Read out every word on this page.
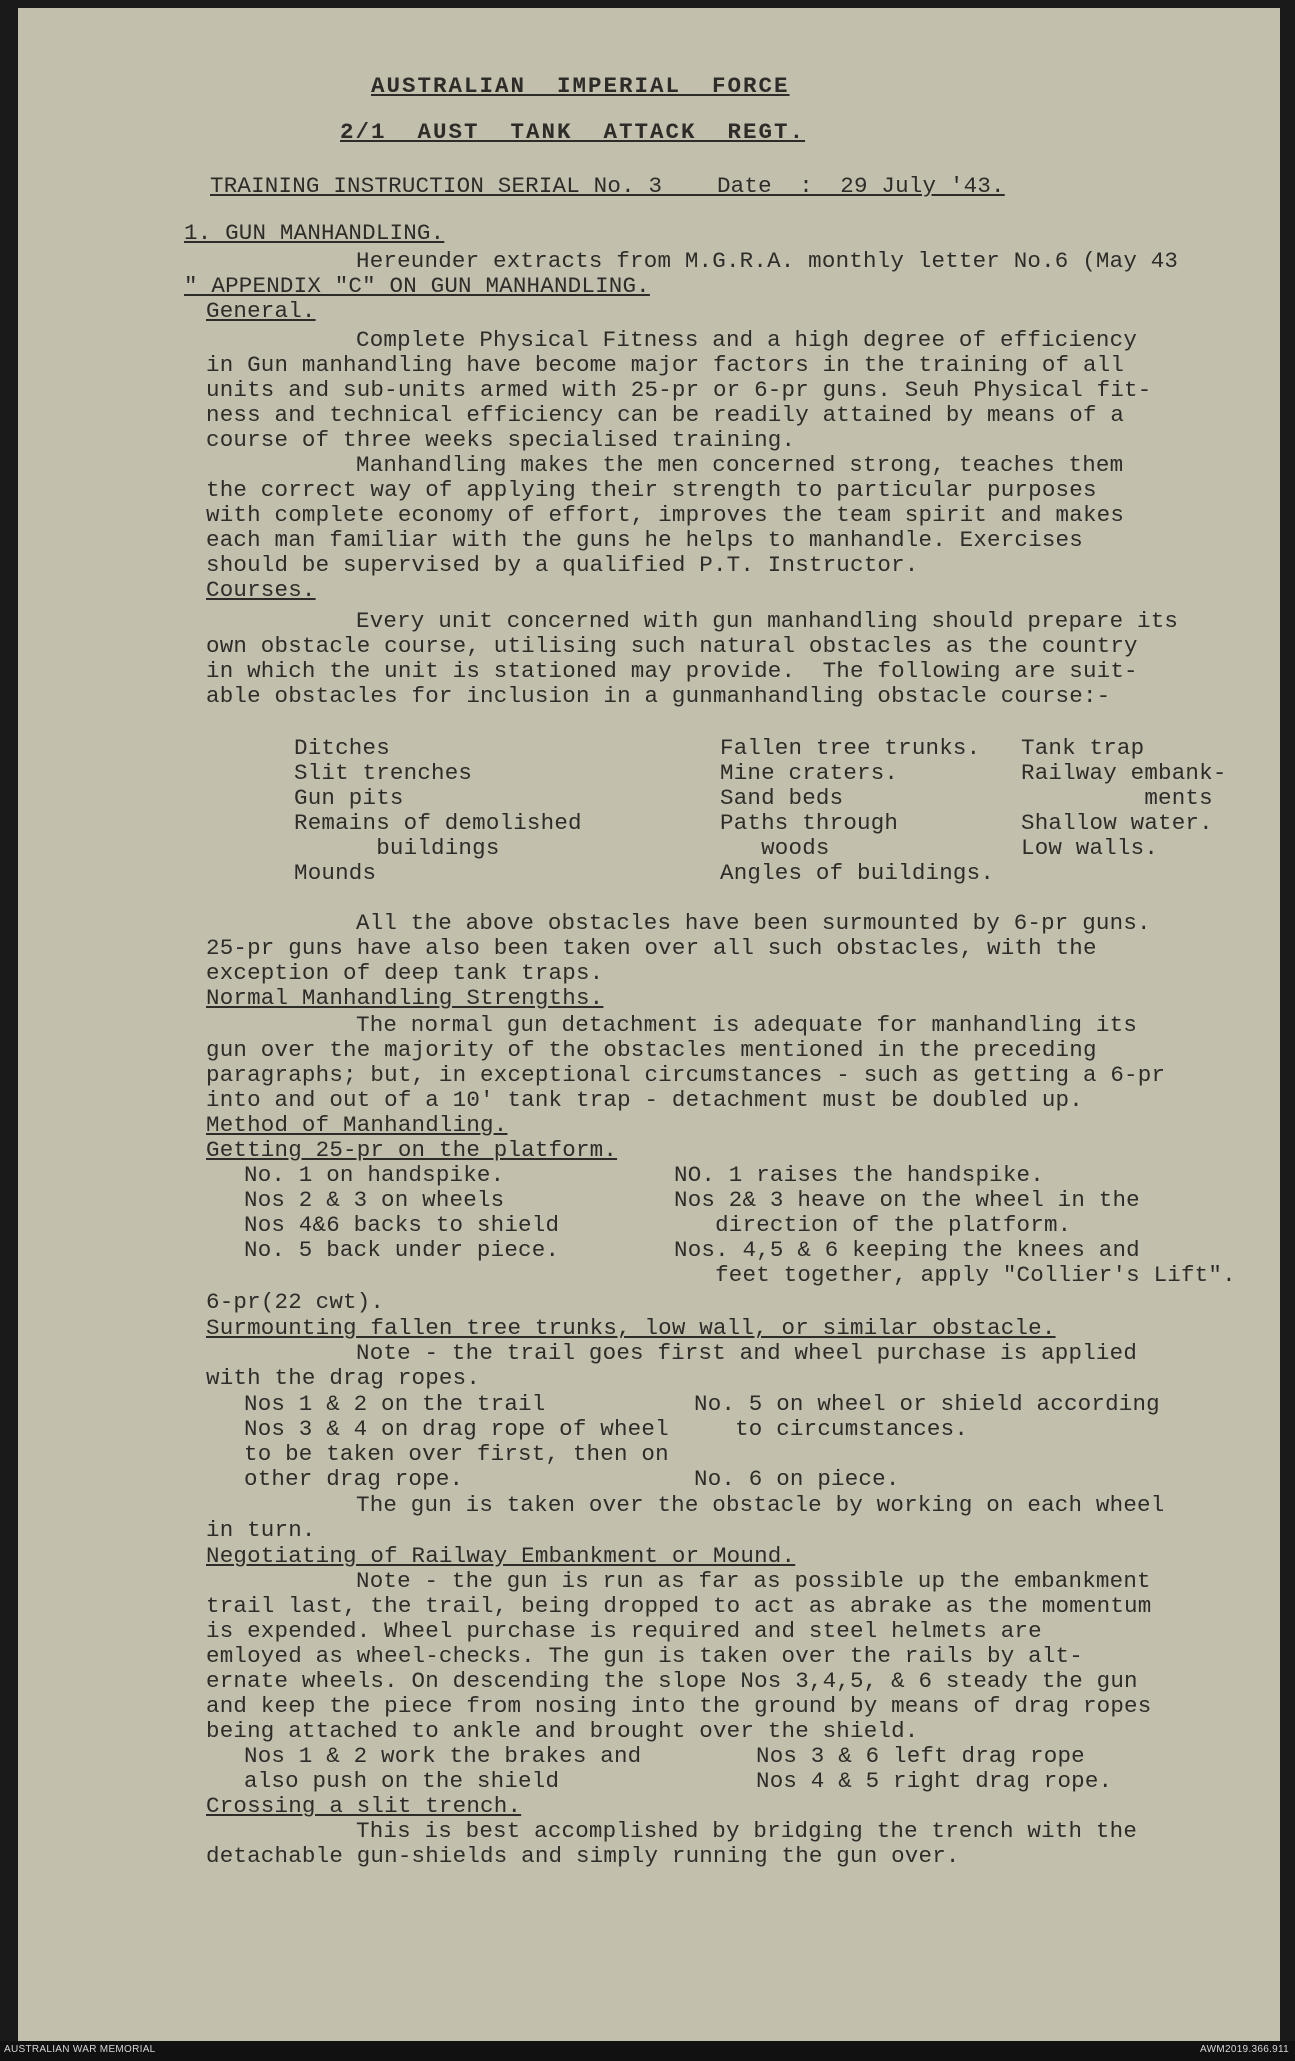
AUSTRALIAN  IMPERIAL  FORCE
2/1  AUST  TANK  ATTACK  REGT.
TRAINING INSTRUCTION SERIAL No. 3    Date  :  29 July '43.
1. GUN MANHANDLING.
Hereunder extracts from M.G.R.A. monthly letter No.6 (May 43
" APPENDIX "C" ON GUN MANHANDLING.
General.
Complete Physical Fitness and a high degree of efficiency
in Gun manhandling have become major factors in the training of all
units and sub-units armed with 25-pr or 6-pr guns. Seuh Physical fit-
ness and technical efficiency can be readily attained by means of a
course of three weeks specialised training.
Manhandling makes the men concerned strong, teaches them
the correct way of applying their strength to particular purposes
with complete economy of effort, improves the team spirit and makes
each man familiar with the guns he helps to manhandle. Exercises
should be supervised by a qualified P.T. Instructor.
Courses.
Every unit concerned with gun manhandling should prepare its
own obstacle course, utilising such natural obstacles as the country
in which the unit is stationed may provide.  The following are suit-
able obstacles for inclusion in a gunmanhandling obstacle course:-
Ditches
Slit trenches
Gun pits
Remains of demolished
buildings
Mounds
Fallen tree trunks.
Mine craters.
Sand beds
Paths through
woods
Angles of buildings.
Tank trap
Railway embank-
ments
Shallow water.
Low walls.
All the above obstacles have been surmounted by 6-pr guns.
25-pr guns have also been taken over all such obstacles, with the
exception of deep tank traps.
Normal Manhandling Strengths.
The normal gun detachment is adequate for manhandling its
gun over the majority of the obstacles mentioned in the preceding
paragraphs; but, in exceptional circumstances - such as getting a 6-pr
into and out of a 10' tank trap - detachment must be doubled up.
Method of Manhandling.
Getting 25-pr on the platform.
No. 1 on handspike.
Nos 2 & 3 on wheels
Nos 4&6 backs to shield
No. 5 back under piece.
NO. 1 raises the handspike.
Nos 2& 3 heave on the wheel in the
direction of the platform.
Nos. 4,5 & 6 keeping the knees and
feet together, apply "Collier's Lift".
6-pr(22 cwt).
Surmounting fallen tree trunks, low wall, or similar obstacle.
Note - the trail goes first and wheel purchase is applied
with the drag ropes.
Nos 1 & 2 on the trail
Nos 3 & 4 on drag rope of wheel
to be taken over first, then on
other drag rope.
No. 5 on wheel or shield according
to circumstances.
No. 6 on piece.
The gun is taken over the obstacle by working on each wheel
in turn.
Negotiating of Railway Embankment or Mound.
Note - the gun is run as far as possible up the embankment
trail last, the trail, being dropped to act as abrake as the momentum
is expended. Wheel purchase is required and steel helmets are
emloyed as wheel-checks. The gun is taken over the rails by alt-
ernate wheels. On descending the slope Nos 3,4,5, & 6 steady the gun
and keep the piece from nosing into the ground by means of drag ropes
being attached to ankle and brought over the shield.
Nos 1 & 2 work the brakes and
also push on the shield
Nos 3 & 6 left drag rope
Nos 4 & 5 right drag rope.
Crossing a slit trench.
This is best accomplished by bridging the trench with the
detachable gun-shields and simply running the gun over.
AUSTRALIAN WAR MEMORIAL	AWM2019.366.911
